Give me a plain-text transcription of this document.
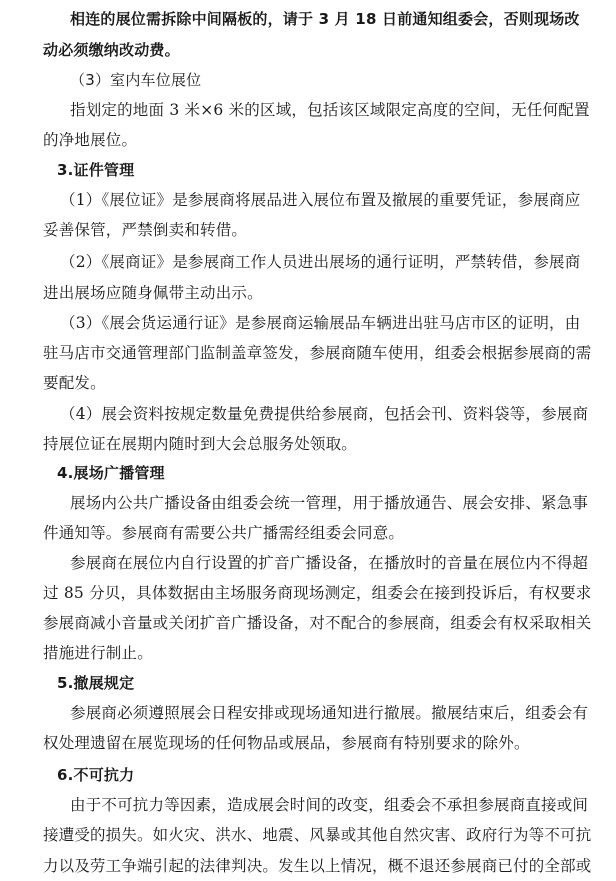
相连的展位需拆除中间隔板的，请于 3 月 18 日前通知组委会，否则现场改
动必须缴纳改动费。
（3）室内车位展位
指划定的地面 3 米×6 米的区域，包括该区域限定高度的空间，无任何配置
的净地展位。
3.证件管理
（1）《展位证》是参展商将展品进入展位布置及撤展的重要凭证，参展商应
妥善保管，严禁倒卖和转借。
（2）《展商证》是参展商工作人员进出展场的通行证明，严禁转借，参展商
进出展场应随身佩带主动出示。
（3）《展会货运通行证》是参展商运输展品车辆进出驻马店市区的证明，由
驻马店市交通管理部门监制盖章签发，参展商随车使用，组委会根据参展商的需
要配发。
（4）展会资料按规定数量免费提供给参展商，包括会刊、资料袋等，参展商
持展位证在展期内随时到大会总服务处领取。
4.展场广播管理
展场内公共广播设备由组委会统一管理，用于播放通告、展会安排、紧急事
件通知等。参展商有需要公共广播需经组委会同意。
参展商在展位内自行设置的扩音广播设备，在播放时的音量在展位内不得超
过 85 分贝，具体数据由主场服务商现场测定，组委会在接到投诉后，有权要求
参展商减小音量或关闭扩音广播设备，对不配合的参展商，组委会有权采取相关
措施进行制止。
5.撤展规定
参展商必须遵照展会日程安排或现场通知进行撤展。撤展结束后，组委会有
权处理遗留在展览现场的任何物品或展品，参展商有特别要求的除外。
6.不可抗力
由于不可抗力等因素，造成展会时间的改变，组委会不承担参展商直接或间
接遭受的损失。如火灾、洪水、地震、风暴或其他自然灾害、政府行为等不可抗
力以及劳工争端引起的法律判决。发生以上情况，概不退还参展商已付的全部或
